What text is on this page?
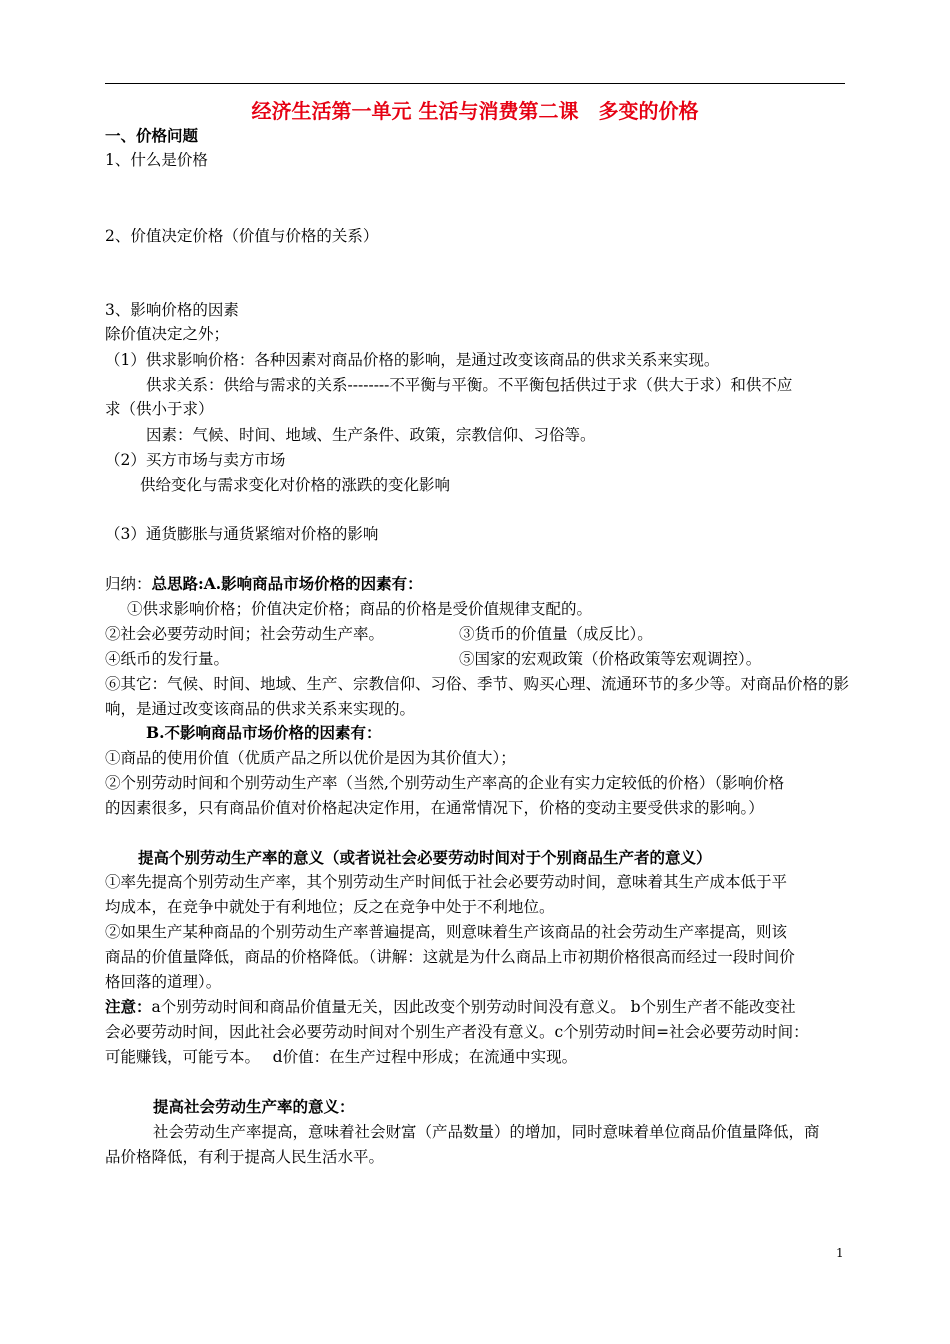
经济生活第一单元 生活与消费第二课　多变的价格
一、价格问题
1、什么是价格
2、价值决定价格（价值与价格的关系）
3、影响价格的因素
除价值决定之外；
（1）供求影响价格：各种因素对商品价格的影响，是通过改变该商品的供求关系来实现。
供求关系：供给与需求的关系--------不平衡与平衡。不平衡包括供过于求（供大于求）和供不应
求（供小于求）
因素：气候、时间、地域、生产条件、政策，宗教信仰、习俗等。
（2）买方市场与卖方市场
供给变化与需求变化对价格的涨跌的变化影响
（3）通货膨胀与通货紧缩对价格的影响
归纳：总思路:A.影响商品市场价格的因素有：
①供求影响价格；价值决定价格；商品的价格是受价值规律支配的。
②社会必要劳动时间；社会劳动生产率。	③货币的价值量（成反比）。
④纸币的发行量。	⑤国家的宏观政策（价格政策等宏观调控）。
⑥其它：气候、时间、地域、生产、宗教信仰、习俗、季节、购买心理、流通环节的多少等。对商品价格的影
响，是通过改变该商品的供求关系来实现的。
B.不影响商品市场价格的因素有：
①商品的使用价值（优质产品之所以优价是因为其价值大）；
②个别劳动时间和个别劳动生产率（当然,个别劳动生产率高的企业有实力定较低的价格）（影响价格
的因素很多，只有商品价值对价格起决定作用，在通常情况下，价格的变动主要受供求的影响。）
提高个别劳动生产率的意义（或者说社会必要劳动时间对于个别商品生产者的意义）
①率先提高个别劳动生产率，其个别劳动生产时间低于社会必要劳动时间，意味着其生产成本低于平
均成本，在竞争中就处于有利地位；反之在竞争中处于不利地位。
②如果生产某种商品的个别劳动生产率普遍提高，则意味着生产该商品的社会劳动生产率提高，则该
商品的价值量降低，商品的价格降低。（讲解：这就是为什么商品上市初期价格很高而经过一段时间价
格回落的道理）。
注意：a个别劳动时间和商品价值量无关，因此改变个别劳动时间没有意义。 b个别生产者不能改变社
会必要劳动时间，因此社会必要劳动时间对个别生产者没有意义。c个别劳动时间=社会必要劳动时间：
可能赚钱，可能亏本。　 d价值：在生产过程中形成；在流通中实现。
提高社会劳动生产率的意义：
社会劳动生产率提高，意味着社会财富（产品数量）的增加，同时意味着单位商品价值量降低，商
品价格降低，有利于提高人民生活水平。
1
